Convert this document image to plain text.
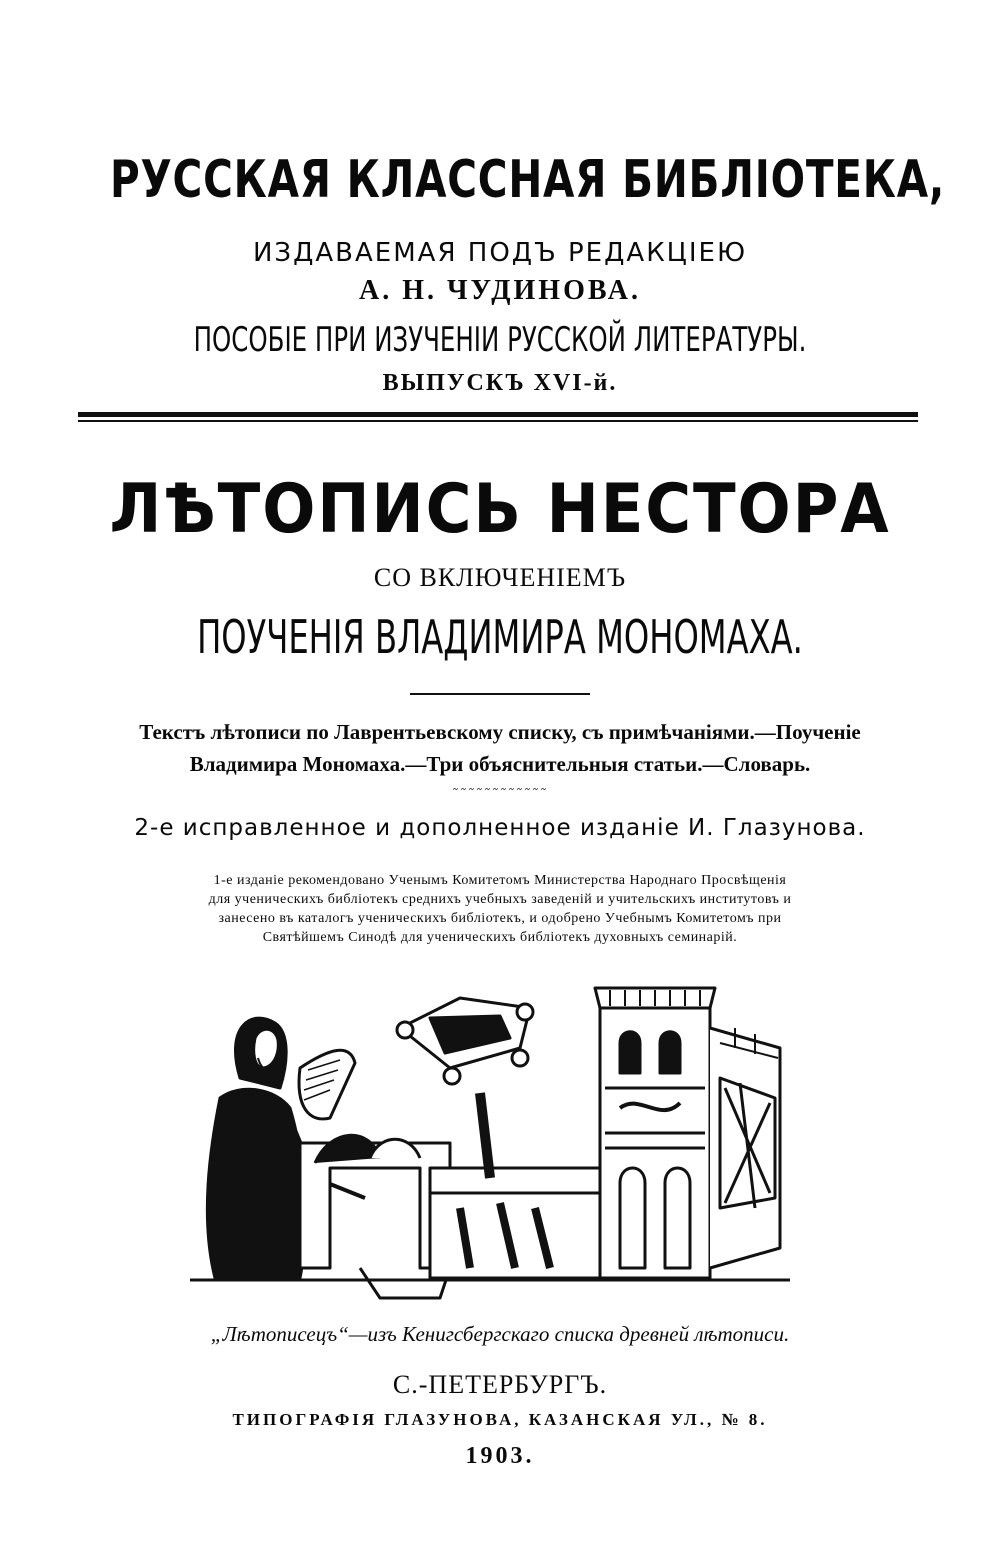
РУССКАЯ КЛАССНАЯ БИБЛІОТЕКА,
ИЗДАВАЕМАЯ ПОДЪ РЕДАКЦІЕЮ
А. Н. ЧУДИНОВА.
ПОСОБІЕ ПРИ ИЗУЧЕНІИ РУССКОЙ ЛИТЕРАТУРЫ.
ВЫПУСКЪ XVI-й.
ЛѢТОПИСЬ НЕСТОРА
СО ВКЛЮЧЕНІЕМЪ
ПОУЧЕНІЯ ВЛАДИМИРА МОНОМАХА.
Текстъ лѣтописи по Лаврентьевскому списку, съ примѣчаніями.—Поученіе
Владимира Мономаха.—Три объяснительныя статьи.—Словарь.
˜˜˜˜˜˜˜˜˜˜˜˜
2-е исправленное и дополненное изданіе И. Глазунова.
1-е изданіе рекомендовано Ученымъ Комитетомъ Министерства Народнаго Просвѣщенія
для ученическихъ библіотекъ среднихъ учебныхъ заведеній и учительскихъ институтовъ и
занесено въ каталогъ ученическихъ библіотекъ, и одобрено Учебнымъ Комитетомъ при
Святѣйшемъ Синодѣ для ученическихъ библіотекъ духовныхъ семинарій.
„Лѣтописецъ“—изъ Кенигсбергскаго списка древней лѣтописи.
С.-ПЕТЕРБУРГЪ.
ТИПОГРАФІЯ ГЛАЗУНОВА, КАЗАНСКАЯ УЛ., № 8.
1903.
